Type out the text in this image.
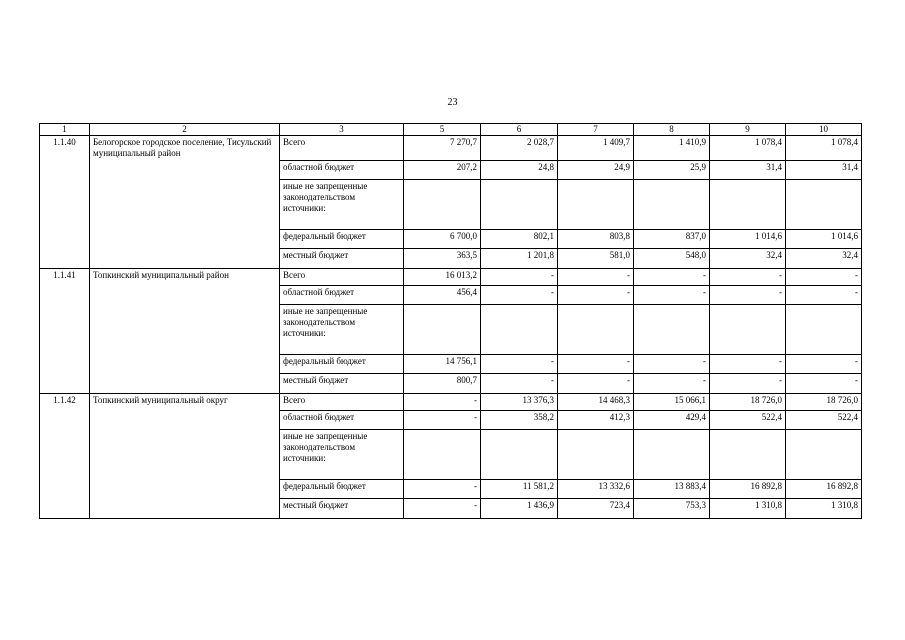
23
1	2	3	5	6	7	8	9	10
1.1.40	Белогорское городское поселение, Тисульский муниципальный район	Всего	7 270,7	2 028,7	1 409,7	1 410,9	1 078,4	1 078,4
		областной бюджет	207,2	24,8	24,9	25,9	31,4	31,4
		иные не запрещенные законодательством источники:						
		федеральный бюджет	6 700,0	802,1	803,8	837,0	1 014,6	1 014,6
		местный бюджет	363,5	1 201,8	581,0	548,0	32,4	32,4
1.1.41	Топкинский муниципальный район	Всего	16 013,2	-	-	-	-	-
		областной бюджет	456,4	-	-	-	-	-
		иные не запрещенные законодательством источники:						
		федеральный бюджет	14 756,1	-	-	-	-	-
		местный бюджет	800,7	-	-	-	-	-
1.1.42	Топкинский муниципальный округ	Всего	-	13 376,3	14 468,3	15 066,1	18 726,0	18 726,0
		областной бюджет	-	358,2	412,3	429,4	522,4	522,4
		иные не запрещенные законодательством источники:						
		федеральный бюджет	-	11 581,2	13 332,6	13 883,4	16 892,8	16 892,8
		местный бюджет	-	1 436,9	723,4	753,3	1 310,8	1 310,8
